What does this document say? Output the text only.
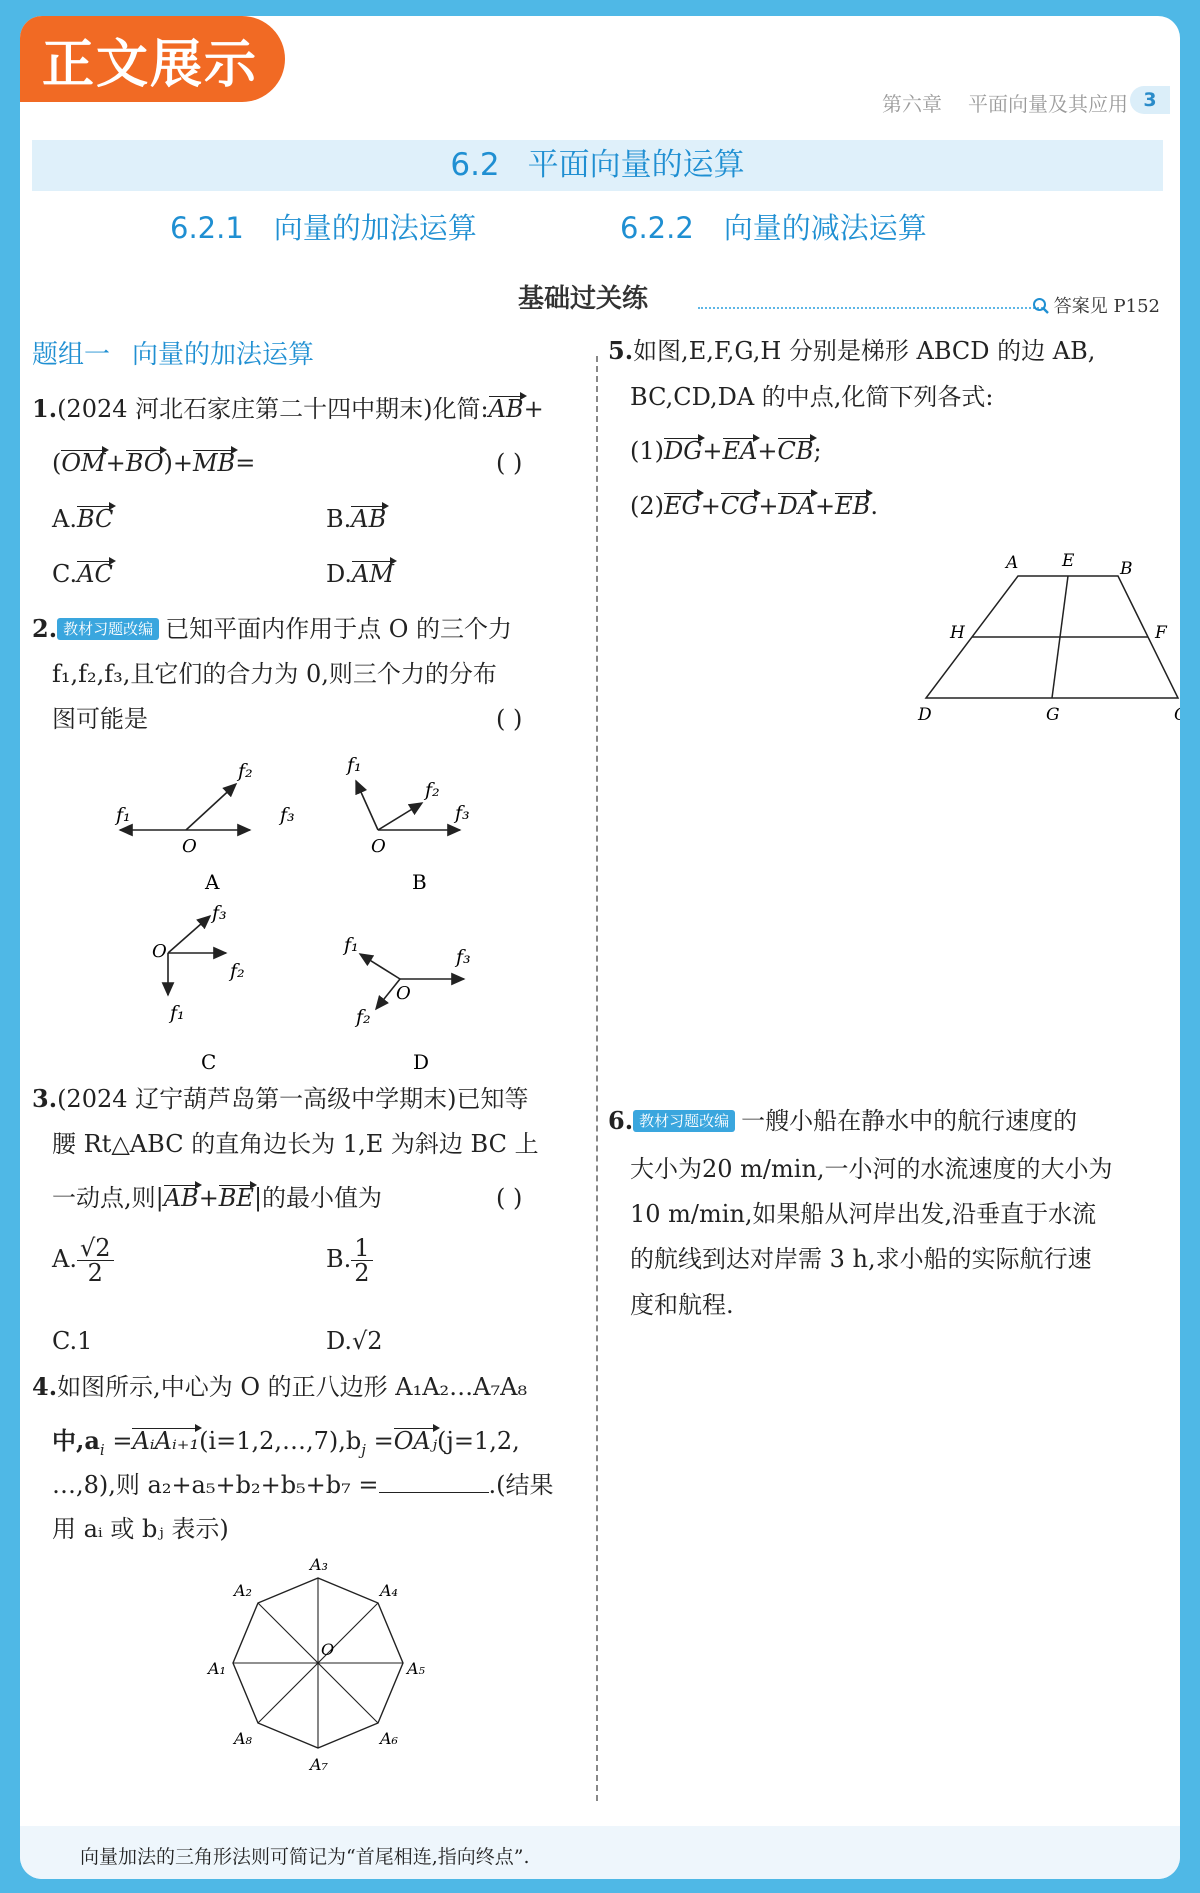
正文展示
第六章 平面向量及其应用 3
6.2 平面向量的运算
6.2.1 向量的加法运算	6.2.2 向量的减法运算
基础过关练	答案见 P152
题组一 向量的加法运算
1.(2024 河北石家庄第二十四中期末)化简:AB+
(OM+BO)+MB=	( )
A.BC	B.AB
C.AC	D.AM
2. 教材习题改编 已知平面内作用于点 O 的三个力
f₁,f₂,f₃,且它们的合力为 0,则三个力的分布
图可能是	( )
O
f₁
f₂
f₃
A
O
f₁
f₂
f₃
B
O
f₁
f₂
f₃
C
O
f₁
f₂
f₃
D
3.(2024 辽宁葫芦岛第一高级中学期末)已知等
腰 Rt△ABC 的直角边长为 1,E 为斜边 BC 上
一动点,则|AB+BE|的最小值为	( )
A. $\frac{√2}{2}$	B. $\frac{1}{2}$
C.1	D.√2
4.如图所示,中心为 O 的正八边形 A₁A₂…A₇A₈
中$,a_i$ $=AᵢAᵢ_{+1}(i=1,2,\dots,7),b_j$ =OAⱼ(j=1,2,
…,8),则 a₂+a₅+b₂+b₅+b₇ =	.(结果
用 aᵢ 或 bⱼ 表示)
O
A₁
A₂
A₃
A₄
A₅
A₆
A₇
A₈
5.如图,E,F,G,H 分别是梯形 ABCD 的边 AB,
BC,CD,DA 的中点,化简下列各式:
(1)DG+EA+CB;
(2)EG+CG+DA+EB.
A	E	B
H	F
D	G	C
6. 教材习题改编 一艘小船在静水中的航行速度的
大小为20 m/min,一小河的水流速度的大小为
10 m/min,如果船从河岸出发,沿垂直于水流
的航线到达对岸需 3 h,求小船的实际航行速
度和航程.
向量加法的三角形法则可简记为“首尾相连,指向终点”.
